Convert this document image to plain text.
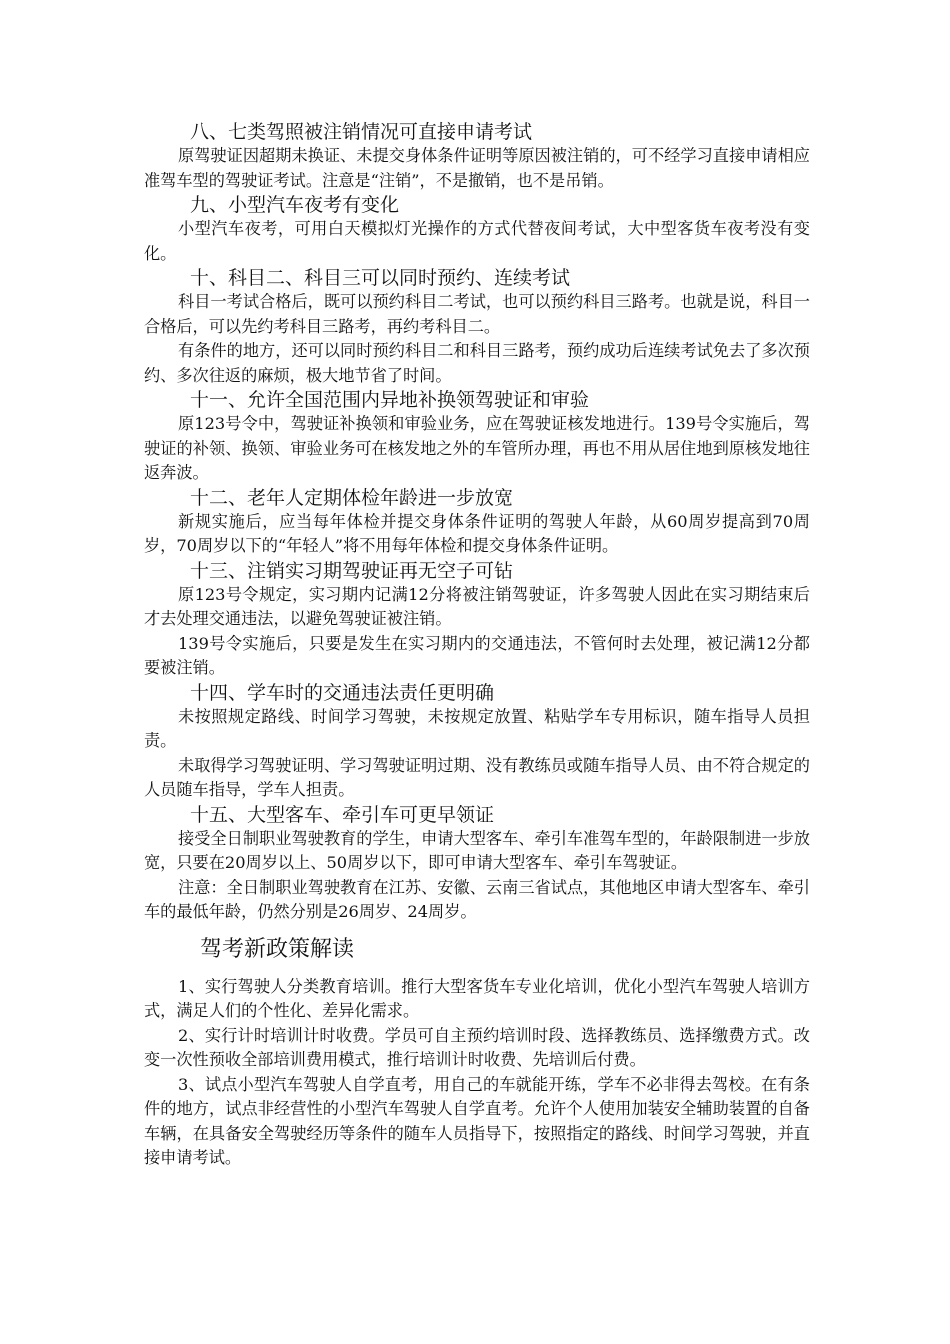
八、七类驾照被注销情况可直接申请考试

原驾驶证因超期未换证、未提交身体条件证明等原因被注销的，可不经学习直接申请相应准驾车型的驾驶证考试。注意是“注销”，不是撤销，也不是吊销。

九、小型汽车夜考有变化

小型汽车夜考，可用白天模拟灯光操作的方式代替夜间考试，大中型客货车夜考没有变化。

十、科目二、科目三可以同时预约、连续考试

科目一考试合格后，既可以预约科目二考试，也可以预约科目三路考。也就是说，科目一合格后，可以先约考科目三路考，再约考科目二。

有条件的地方，还可以同时预约科目二和科目三路考，预约成功后连续考试免去了多次预约、多次往返的麻烦，极大地节省了时间。

十一、允许全国范围内异地补换领驾驶证和审验

原123号令中，驾驶证补换领和审验业务，应在驾驶证核发地进行。139号令实施后，驾驶证的补领、换领、审验业务可在核发地之外的车管所办理，再也不用从居住地到原核发地往返奔波。

十二、老年人定期体检年龄进一步放宽

新规实施后，应当每年体检并提交身体条件证明的驾驶人年龄，从60周岁提高到70周岁，70周岁以下的“年轻人”将不用每年体检和提交身体条件证明。

十三、注销实习期驾驶证再无空子可钻

原123号令规定，实习期内记满12分将被注销驾驶证，许多驾驶人因此在实习期结束后才去处理交通违法，以避免驾驶证被注销。

139号令实施后，只要是发生在实习期内的交通违法，不管何时去处理，被记满12分都要被注销。

十四、学车时的交通违法责任更明确

未按照规定路线、时间学习驾驶，未按规定放置、粘贴学车专用标识，随车指导人员担责。

未取得学习驾驶证明、学习驾驶证明过期、没有教练员或随车指导人员、由不符合规定的人员随车指导，学车人担责。

十五、大型客车、牵引车可更早领证

接受全日制职业驾驶教育的学生，申请大型客车、牵引车准驾车型的，年龄限制进一步放宽，只要在20周岁以上、50周岁以下，即可申请大型客车、牵引车驾驶证。

注意：全日制职业驾驶教育在江苏、安徽、云南三省试点，其他地区申请大型客车、牵引车的最低年龄，仍然分别是26周岁、24周岁。

驾考新政策解读

1、实行驾驶人分类教育培训。推行大型客货车专业化培训，优化小型汽车驾驶人培训方式，满足人们的个性化、差异化需求。

2、实行计时培训计时收费。学员可自主预约培训时段、选择教练员、选择缴费方式。改变一次性预收全部培训费用模式，推行培训计时收费、先培训后付费。

3、试点小型汽车驾驶人自学直考，用自己的车就能开练，学车不必非得去驾校。在有条件的地方，试点非经营性的小型汽车驾驶人自学直考。允许个人使用加装安全辅助装置的自备车辆，在具备安全驾驶经历等条件的随车人员指导下，按照指定的路线、时间学习驾驶，并直接申请考试。
